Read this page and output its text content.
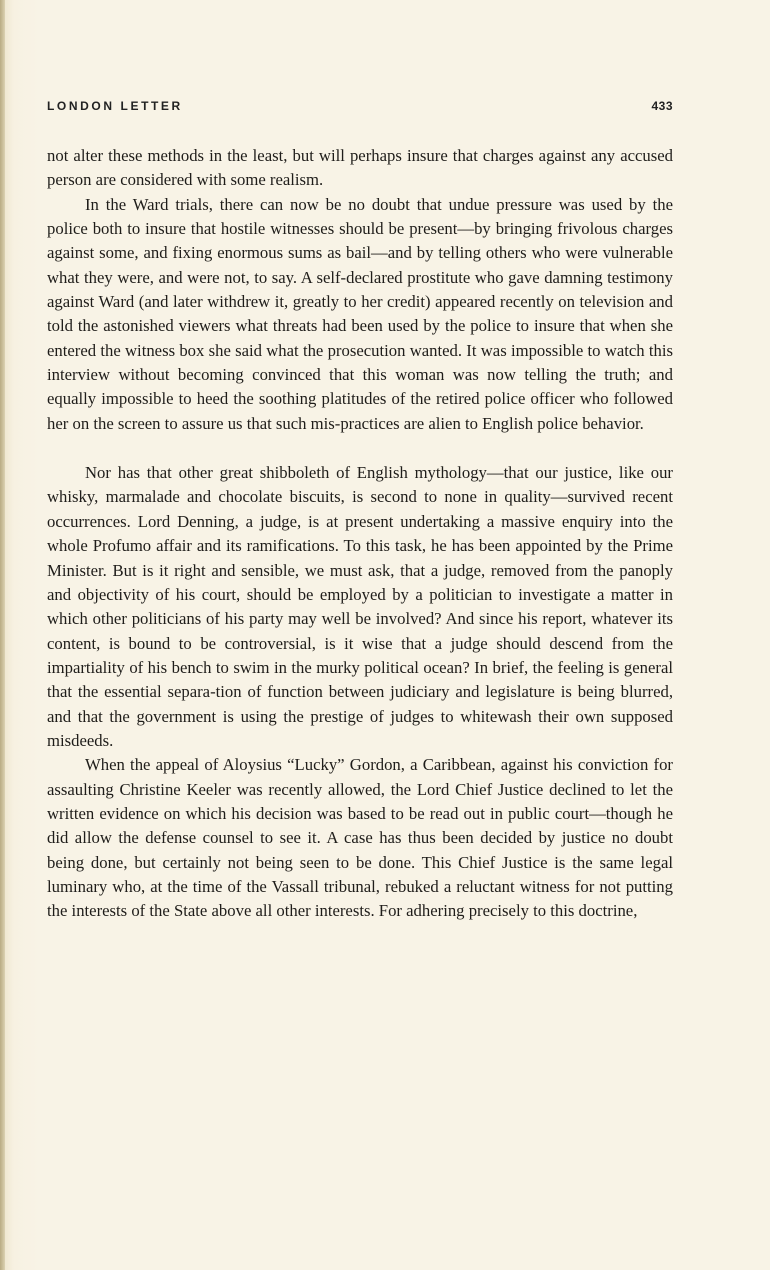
LONDON LETTER	433

not alter these methods in the least, but will perhaps insure that charges against any accused person are considered with some realism.

In the Ward trials, there can now be no doubt that undue pressure was used by the police both to insure that hostile witnesses should be present—by bringing frivolous charges against some, and fixing enormous sums as bail—and by telling others who were vulnerable what they were, and were not, to say. A self-declared prostitute who gave damning testimony against Ward (and later withdrew it, greatly to her credit) appeared recently on television and told the astonished viewers what threats had been used by the police to insure that when she entered the witness box she said what the prosecution wanted. It was impossible to watch this interview without becoming convinced that this woman was now telling the truth; and equally impossible to heed the soothing platitudes of the retired police officer who followed her on the screen to assure us that such mis-practices are alien to English police behavior.

Nor has that other great shibboleth of English mythology—that our justice, like our whisky, marmalade and chocolate biscuits, is second to none in quality—survived recent occurrences. Lord Denning, a judge, is at present undertaking a massive enquiry into the whole Profumo affair and its ramifications. To this task, he has been appointed by the Prime Minister. But is it right and sensible, we must ask, that a judge, removed from the panoply and objectivity of his court, should be employed by a politician to investigate a matter in which other politicians of his party may well be involved? And since his report, whatever its content, is bound to be controversial, is it wise that a judge should descend from the impartiality of his bench to swim in the murky political ocean? In brief, the feeling is general that the essential separa-tion of function between judiciary and legislature is being blurred, and that the government is using the prestige of judges to whitewash their own supposed misdeeds.

When the appeal of Aloysius “Lucky” Gordon, a Caribbean, against his conviction for assaulting Christine Keeler was recently allowed, the Lord Chief Justice declined to let the written evidence on which his decision was based to be read out in public court—though he did allow the defense counsel to see it. A case has thus been decided by justice no doubt being done, but certainly not being seen to be done. This Chief Justice is the same legal luminary who, at the time of the Vassall tribunal, rebuked a reluctant witness for not putting the interests of the State above all other interests. For adhering precisely to this doctrine,
